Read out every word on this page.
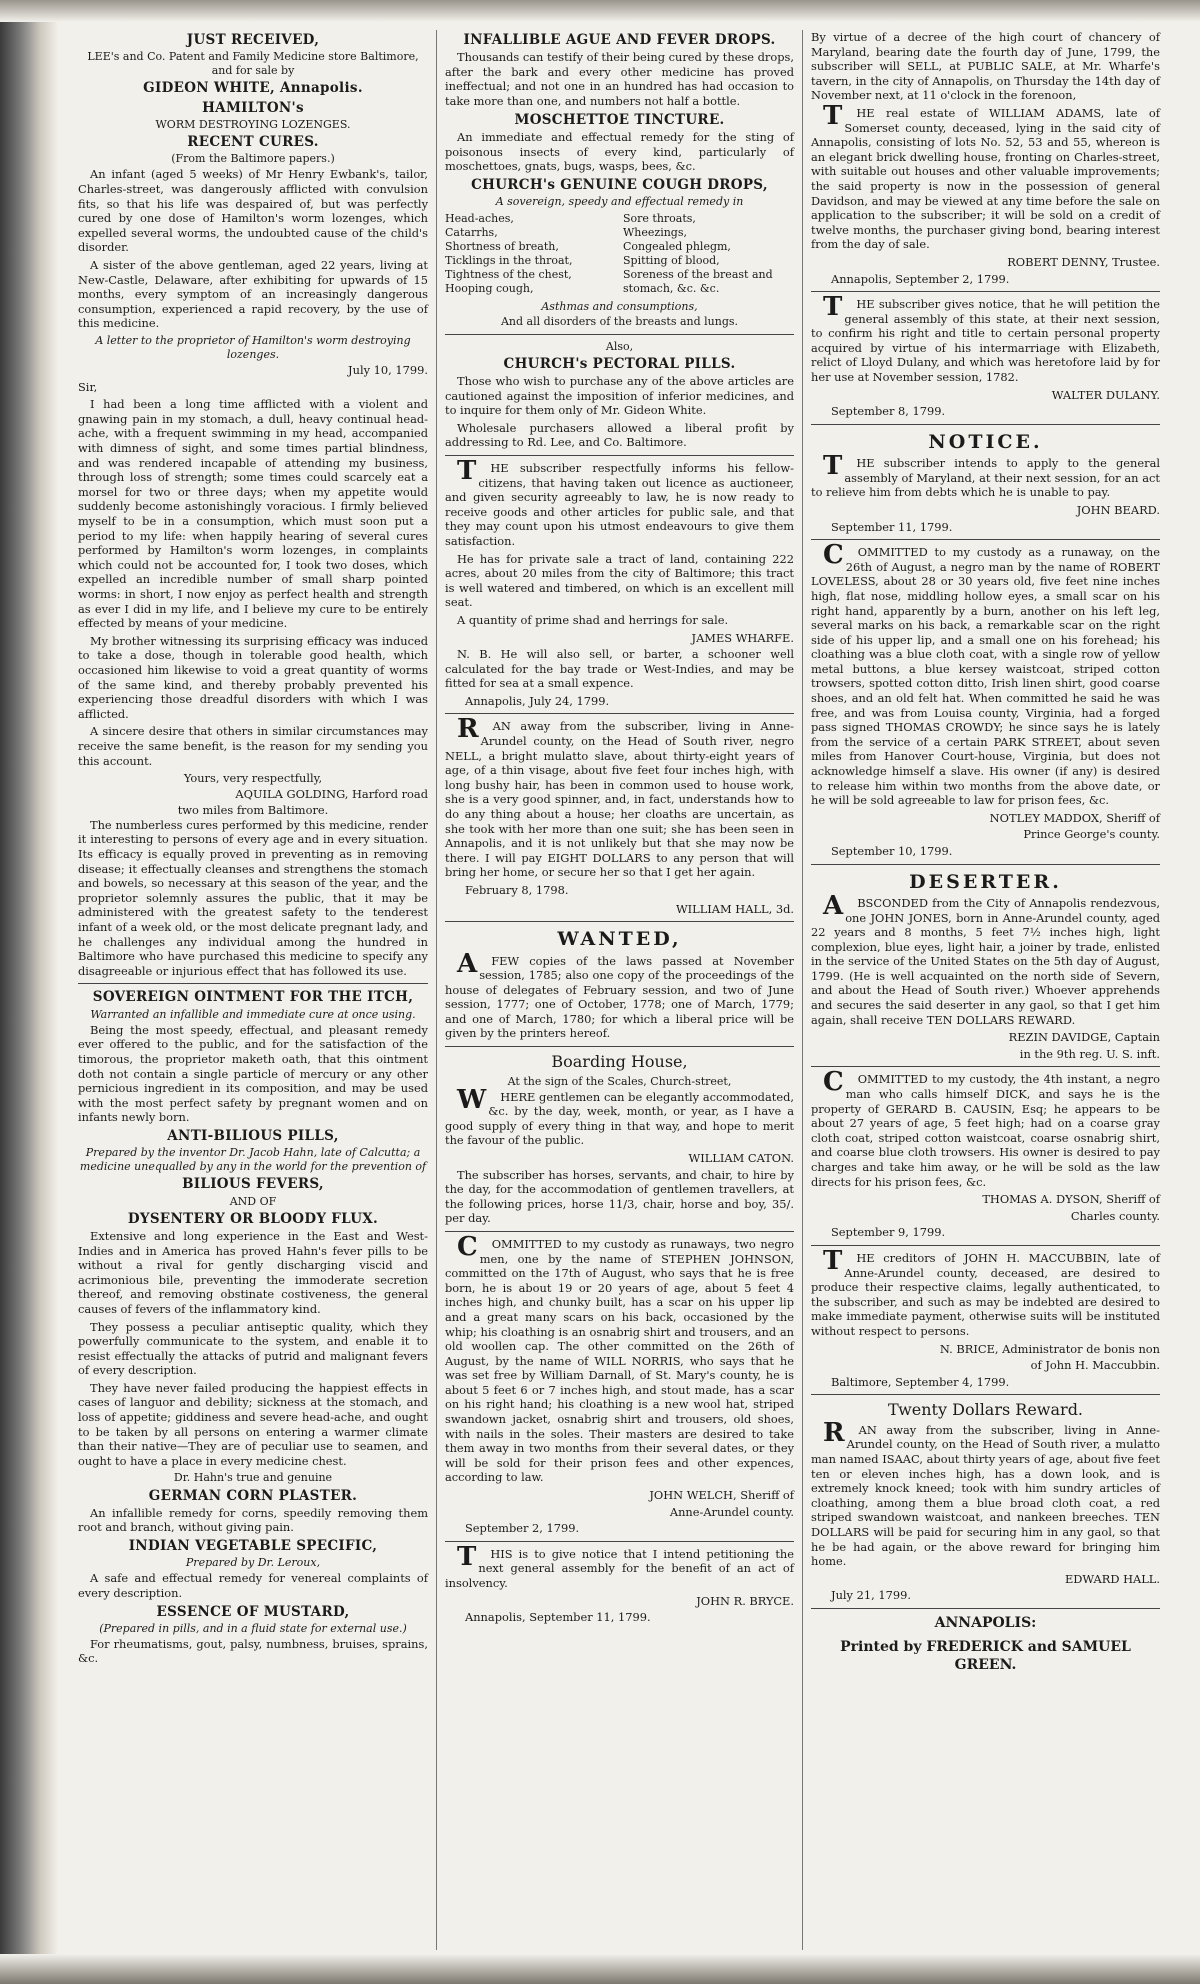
JUST RECEIVED,
LEE's and Co. Patent and Family Medicine store Baltimore, and for sale by
GIDEON WHITE, Annapolis.
HAMILTON's
WORM DESTROYING LOZENGES.
RECENT CURES.
(From the Baltimore papers.)

An infant (aged 5 weeks) of Mr Henry Ewbank's, tailor, Charles-street, was dangerously afflicted with convulsion fits, so that his life was despaired of, but was perfectly cured by one dose of Hamilton's worm lozenges, which expelled several worms, the undoubted cause of the child's disorder.

A sister of the above gentleman, aged 22 years, living at New-Castle, Delaware, after exhibiting for upwards of 15 months, every symptom of an increasingly dangerous consumption, experienced a rapid recovery, by the use of this medicine.

A letter to the proprietor of Hamilton's worm destroying lozenges.
July 10, 1799.

Sir,

I had been a long time afflicted with a violent and gnawing pain in my stomach, a dull, heavy continual head-ache, with a frequent swimming in my head, accompanied with dimness of sight, and some times partial blindness, and was rendered incapable of attending my business, through loss of strength; some times could scarcely eat a morsel for two or three days; when my appetite would suddenly become astonishingly voracious. I firmly believed myself to be in a consumption, which must soon put a period to my life: when happily hearing of several cures performed by Hamilton's worm lozenges, in complaints which could not be accounted for, I took two doses, which expelled an incredible number of small sharp pointed worms: in short, I now enjoy as perfect health and strength as ever I did in my life, and I believe my cure to be entirely effected by means of your medicine.

My brother witnessing its surprising efficacy was induced to take a dose, though in tolerable good health, which occasioned him likewise to void a great quantity of worms of the same kind, and thereby probably prevented his experiencing those dreadful disorders with which I was afflicted.

A sincere desire that others in similar circumstances may receive the same benefit, is the reason for my sending you this account.

Yours, very respectfully,
AQUILA GOLDING, Harford road
two miles from Baltimore.

The numberless cures performed by this medicine, render it interesting to persons of every age and in every situation. Its efficacy is equally proved in preventing as in removing disease; it effectually cleanses and strengthens the stomach and bowels, so necessary at this season of the year, and the proprietor solemnly assures the public, that it may be administered with the greatest safety to the tenderest infant of a week old, or the most delicate pregnant lady, and he challenges any individual among the hundred in Baltimore who have purchased this medicine to specify any disagreeable or injurious effect that has followed its use.

SOVEREIGN OINTMENT FOR THE ITCH,
Warranted an infallible and immediate cure at once using.

Being the most speedy, effectual, and pleasant remedy ever offered to the public, and for the satisfaction of the timorous, the proprietor maketh oath, that this ointment doth not contain a single particle of mercury or any other pernicious ingredient in its composition, and may be used with the most perfect safety by pregnant women and on infants newly born.

ANTI-BILIOUS PILLS,
Prepared by the inventor Dr. Jacob Hahn, late of Calcutta; a medicine unequalled by any in the world for the prevention of
BILIOUS FEVERS,
AND OF
DYSENTERY OR BLOODY FLUX.

Extensive and long experience in the East and West-Indies and in America has proved Hahn's fever pills to be without a rival for gently discharging viscid and acrimonious bile, preventing the immoderate secretion thereof, and removing obstinate costiveness, the general causes of fevers of the inflammatory kind.

They possess a peculiar antiseptic quality, which they powerfully communicate to the system, and enable it to resist effectually the attacks of putrid and malignant fevers of every description.

They have never failed producing the happiest effects in cases of languor and debility; sickness at the stomach, and loss of appetite; giddiness and severe head-ache, and ought to be taken by all persons on entering a warmer climate than their native—They are of peculiar use to seamen, and ought to have a place in every medicine chest.

Dr. Hahn's true and genuine
GERMAN CORN PLASTER.

An infallible remedy for corns, speedily removing them root and branch, without giving pain.

INDIAN VEGETABLE SPECIFIC,
Prepared by Dr. Leroux,

A safe and effectual remedy for venereal complaints of every description.

ESSENCE OF MUSTARD,
(Prepared in pills, and in a fluid state for external use.)

For rheumatisms, gout, palsy, numbness, bruises, sprains, &c.

INFALLIBLE AGUE AND FEVER DROPS.

Thousands can testify of their being cured by these drops, after the bark and every other medicine has proved ineffectual; and not one in an hundred has had occasion to take more than one, and numbers not half a bottle.

MOSCHETTOE TINCTURE.

An immediate and effectual remedy for the sting of poisonous insects of every kind, particularly of moschettoes, gnats, bugs, wasps, bees, &c.

CHURCH's GENUINE COUGH DROPS,
A sovereign, speedy and effectual remedy in
Head-aches,
Catarrhs,
Shortness of breath,
Ticklings in the throat,
Tightness of the chest,
Hooping cough,
Sore throats,
Wheezings,
Congealed phlegm,
Spitting of blood,
Soreness of the breast and
stomach, &c. &c.
Asthmas and consumptions,
And all disorders of the breasts and lungs.
Also,
CHURCH's PECTORAL PILLS.

Those who wish to purchase any of the above articles are cautioned against the imposition of inferior medicines, and to inquire for them only of Mr. Gideon White.

Wholesale purchasers allowed a liberal profit by addressing to Rd. Lee, and Co. Baltimore.

THE subscriber respectfully informs his fellow-citizens, that having taken out licence as auctioneer, and given security agreeably to law, he is now ready to receive goods and other articles for public sale, and that they may count upon his utmost endeavours to give them satisfaction.

He has for private sale a tract of land, containing 222 acres, about 20 miles from the city of Baltimore; this tract is well watered and timbered, on which is an excellent mill seat.

A quantity of prime shad and herrings for sale.

JAMES WHARFE.

N. B. He will also sell, or barter, a schooner well calculated for the bay trade or West-Indies, and may be fitted for sea at a small expence.

Annapolis, July 24, 1799.

RAN away from the subscriber, living in Anne-Arundel county, on the Head of South river, negro NELL, a bright mulatto slave, about thirty-eight years of age, of a thin visage, about five feet four inches high, with long bushy hair, has been in common used to house work, she is a very good spinner, and, in fact, understands how to do any thing about a house; her cloaths are uncertain, as she took with her more than one suit; she has been seen in Annapolis, and it is not unlikely but that she may now be there. I will pay EIGHT DOLLARS to any person that will bring her home, or secure her so that I get her again.

February 8, 1798.
WILLIAM HALL, 3d.
WANTED,

AFEW copies of the laws passed at November session, 1785; also one copy of the proceedings of the house of delegates of February session, and two of June session, 1777; one of October, 1778; one of March, 1779; and one of March, 1780; for which a liberal price will be given by the printers hereof.

Boarding House,
At the sign of the Scales, Church-street,

WHERE gentlemen can be elegantly accommodated, &c. by the day, week, month, or year, as I have a good supply of every thing in that way, and hope to merit the favour of the public.

WILLIAM CATON.

The subscriber has horses, servants, and chair, to hire by the day, for the accommodation of gentlemen travellers, at the following prices, horse 11/3, chair, horse and boy, 35/. per day.

COMMITTED to my custody as runaways, two negro men, one by the name of STEPHEN JOHNSON, committed on the 17th of August, who says that he is free born, he is about 19 or 20 years of age, about 5 feet 4 inches high, and chunky built, has a scar on his upper lip and a great many scars on his back, occasioned by the whip; his cloathing is an osnabrig shirt and trousers, and an old woollen cap. The other committed on the 26th of August, by the name of WILL NORRIS, who says that he was set free by William Darnall, of St. Mary's county, he is about 5 feet 6 or 7 inches high, and stout made, has a scar on his right hand; his cloathing is a new wool hat, striped swandown jacket, osnabrig shirt and trousers, old shoes, with nails in the soles. Their masters are desired to take them away in two months from their several dates, or they will be sold for their prison fees and other expences, according to law.

JOHN WELCH, Sheriff of
Anne-Arundel county.
September 2, 1799.

THIS is to give notice that I intend petitioning the next general assembly for the benefit of an act of insolvency.

JOHN R. BRYCE.
Annapolis, September 11, 1799.

By virtue of a decree of the high court of chancery of Maryland, bearing date the fourth day of June, 1799, the subscriber will SELL, at PUBLIC SALE, at Mr. Wharfe's tavern, in the city of Annapolis, on Thursday the 14th day of November next, at 11 o'clock in the forenoon,

THE real estate of WILLIAM ADAMS, late of Somerset county, deceased, lying in the said city of Annapolis, consisting of lots No. 52, 53 and 55, whereon is an elegant brick dwelling house, fronting on Charles-street, with suitable out houses and other valuable improvements; the said property is now in the possession of general Davidson, and may be viewed at any time before the sale on application to the subscriber; it will be sold on a credit of twelve months, the purchaser giving bond, bearing interest from the day of sale.

ROBERT DENNY, Trustee.
Annapolis, September 2, 1799.

THE subscriber gives notice, that he will petition the general assembly of this state, at their next session, to confirm his right and title to certain personal property acquired by virtue of his intermarriage with Elizabeth, relict of Lloyd Dulany, and which was heretofore laid by for her use at November session, 1782.

WALTER DULANY.
September 8, 1799.
NOTICE.

THE subscriber intends to apply to the general assembly of Maryland, at their next session, for an act to relieve him from debts which he is unable to pay.

JOHN BEARD.
September 11, 1799.

COMMITTED to my custody as a runaway, on the 26th of August, a negro man by the name of ROBERT LOVELESS, about 28 or 30 years old, five feet nine inches high, flat nose, middling hollow eyes, a small scar on his right hand, apparently by a burn, another on his left leg, several marks on his back, a remarkable scar on the right side of his upper lip, and a small one on his forehead; his cloathing was a blue cloth coat, with a single row of yellow metal buttons, a blue kersey waistcoat, striped cotton trowsers, spotted cotton ditto, Irish linen shirt, good coarse shoes, and an old felt hat. When committed he said he was free, and was from Louisa county, Virginia, had a forged pass signed THOMAS CROWDY; he since says he is lately from the service of a certain PARK STREET, about seven miles from Hanover Court-house, Virginia, but does not acknowledge himself a slave. His owner (if any) is desired to release him within two months from the above date, or he will be sold agreeable to law for prison fees, &c.

NOTLEY MADDOX, Sheriff of
Prince George's county.
September 10, 1799.
DESERTER.

ABSCONDED from the City of Annapolis rendezvous, one JOHN JONES, born in Anne-Arundel county, aged 22 years and 8 months, 5 feet 7½ inches high, light complexion, blue eyes, light hair, a joiner by trade, enlisted in the service of the United States on the 5th day of August, 1799. (He is well acquainted on the north side of Severn, and about the Head of South river.) Whoever apprehends and secures the said deserter in any gaol, so that I get him again, shall receive TEN DOLLARS REWARD.

REZIN DAVIDGE, Captain
in the 9th reg. U. S. inft.

COMMITTED to my custody, the 4th instant, a negro man who calls himself DICK, and says he is the property of GERARD B. CAUSIN, Esq; he appears to be about 27 years of age, 5 feet high; had on a coarse gray cloth coat, striped cotton waistcoat, coarse osnabrig shirt, and coarse blue cloth trowsers. His owner is desired to pay charges and take him away, or he will be sold as the law directs for his prison fees, &c.

THOMAS A. DYSON, Sheriff of
Charles county.
September 9, 1799.

THE creditors of JOHN H. MACCUBBIN, late of Anne-Arundel county, deceased, are desired to produce their respective claims, legally authenticated, to the subscriber, and such as may be indebted are desired to make immediate payment, otherwise suits will be instituted without respect to persons.

N. BRICE, Administrator de bonis non
of John H. Maccubbin.
Baltimore, September 4, 1799.
Twenty Dollars Reward.

RAN away from the subscriber, living in Anne-Arundel county, on the Head of South river, a mulatto man named ISAAC, about thirty years of age, about five feet ten or eleven inches high, has a down look, and is extremely knock kneed; took with him sundry articles of cloathing, among them a blue broad cloth coat, a red striped swandown waistcoat, and nankeen breeches. TEN DOLLARS will be paid for securing him in any gaol, so that he be had again, or the above reward for bringing him home.

EDWARD HALL.
July 21, 1799.
ANNAPOLIS:
Printed by FREDERICK and SAMUEL GREEN.
